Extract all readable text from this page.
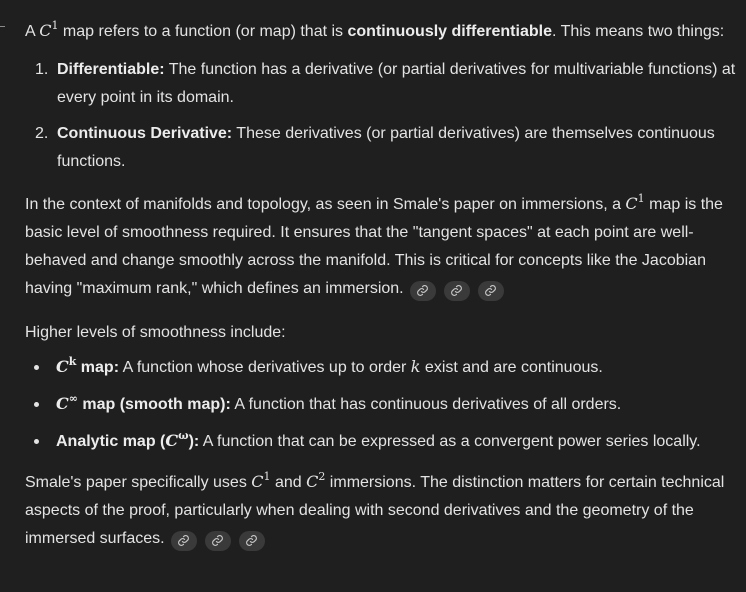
A $C^1$ map refers to a function (or map) that is continuously differentiable. This means two things:

1. Differentiable: The function has a derivative (or partial derivatives for multivariable functions) at every point in its domain.
2. Continuous Derivative: These derivatives (or partial derivatives) are themselves continuous functions.

In the context of manifolds and topology, as seen in Smale's paper on immersions, a $C^1$ map is the basic level of smoothness required. It ensures that the "tangent spaces" at each point are well-behaved and change smoothly across the manifold. This is critical for concepts like the Jacobian having "maximum rank," which defines an immersion.

Higher levels of smoothness include:

$C^k$ map: A function whose derivatives up to order k exist and are continuous.
C∞ map (smooth map): A function that has continuous derivatives of all orders.
Analytic map $(C^\omega)$: A function that can be expressed as a convergent power series locally.

Smale's paper specifically uses $C^1$ and $C^2$ immersions. The distinction matters for certain technical aspects of the proof, particularly when dealing with second derivatives and the geometry of the immersed surfaces.
